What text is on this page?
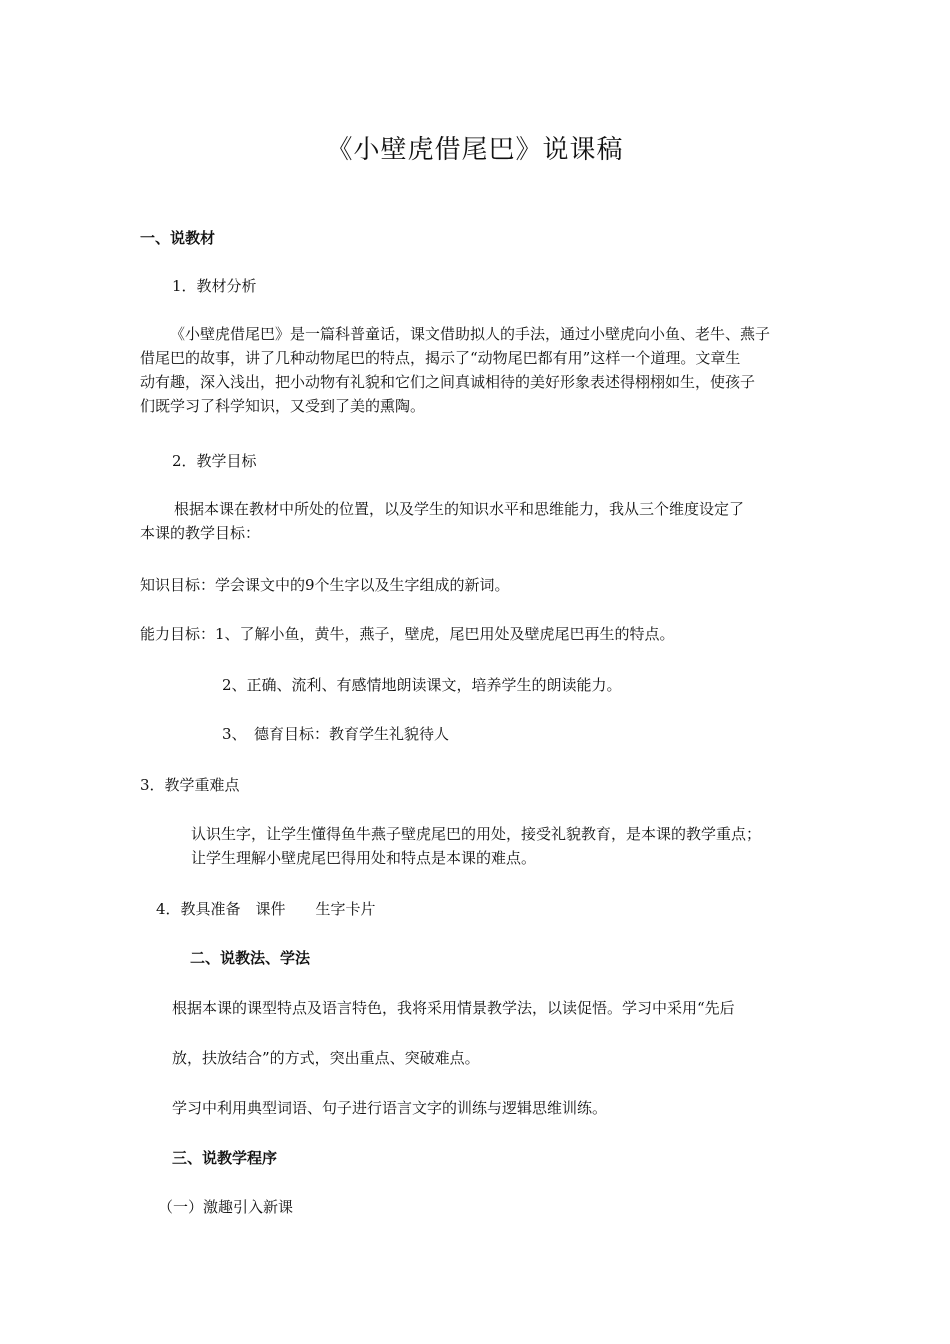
《小壁虎借尾巴》说课稿
一、说教材
1．教材分析
《小壁虎借尾巴》是一篇科普童话，课文借助拟人的手法，通过小壁虎向小鱼、老牛、燕子
借尾巴的故事，讲了几种动物尾巴的特点，揭示了“动物尾巴都有用”这样一个道理。文章生
动有趣，深入浅出，把小动物有礼貌和它们之间真诚相待的美好形象表述得栩栩如生，使孩子
们既学习了科学知识，又受到了美的熏陶。
2．教学目标
根据本课在教材中所处的位置，以及学生的知识水平和思维能力，我从三个维度设定了
本课的教学目标：
知识目标：学会课文中的9个生字以及生字组成的新词。
能力目标：1、了解小鱼，黄牛，燕子，壁虎，尾巴用处及壁虎尾巴再生的特点。
2、正确、流利、有感情地朗读课文，培养学生的朗读能力。
3、　德育目标：教育学生礼貌待人
3．教学重难点
认识生字，让学生懂得鱼牛燕子壁虎尾巴的用处，接受礼貌教育，是本课的教学重点；
让学生理解小壁虎尾巴得用处和特点是本课的难点。
4．教具准备　课件　　生字卡片
二、说教法、学法
根据本课的课型特点及语言特色，我将采用情景教学法，以读促悟。学习中采用“先后
放，扶放结合”的方式，突出重点、突破难点。
学习中利用典型词语、句子进行语言文字的训练与逻辑思维训练。
三、说教学程序
（一）激趣引入新课
